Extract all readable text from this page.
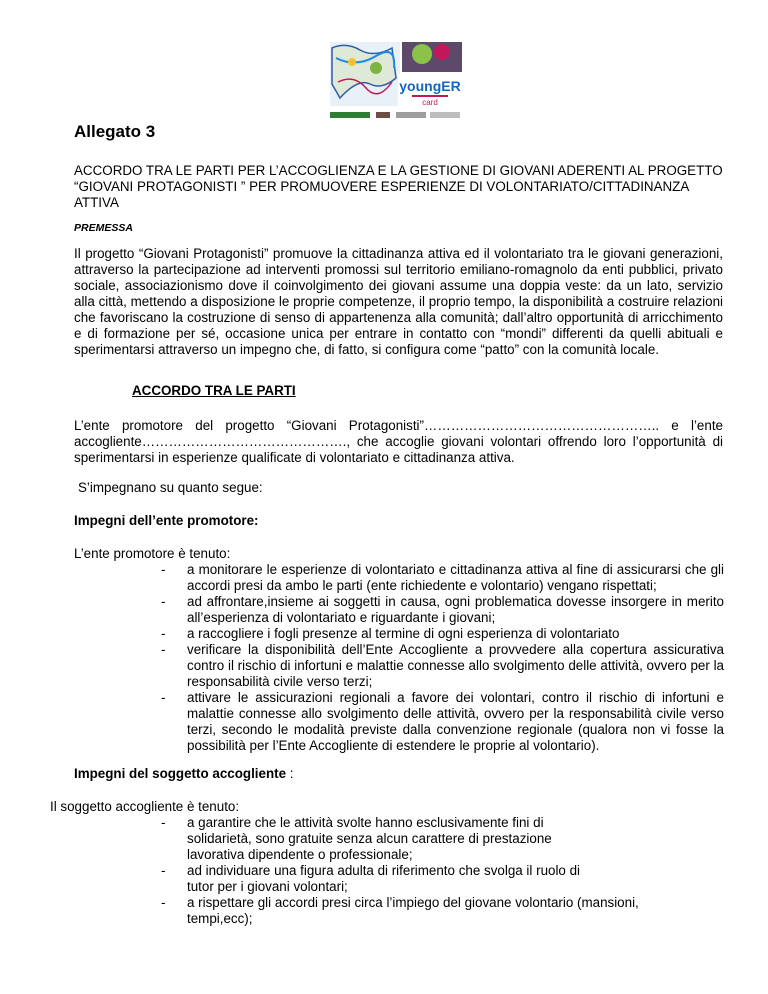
youngER
card
Allegato 3
ACCORDO TRA LE PARTI PER L’ACCOGLIENZA E LA GESTIONE DI GIOVANI ADERENTI AL PROGETTO “GIOVANI PROTAGONISTI ” PER PROMUOVERE ESPERIENZE DI VOLONTARIATO/CITTADINANZA ATTIVA
PREMESSA
Il progetto “Giovani Protagonisti” promuove la cittadinanza attiva ed il volontariato tra le giovani generazioni, attraverso la partecipazione ad interventi promossi sul territorio emiliano-romagnolo da enti pubblici, privato sociale, associazionismo dove il coinvolgimento dei giovani assume una doppia veste: da un lato, servizio alla città, mettendo a disposizione le proprie competenze, il proprio tempo, la disponibilità a costruire relazioni che favoriscano la costruzione di senso di appartenenza alla comunità; dall’altro opportunità di arricchimento e di formazione per sé, occasione unica per entrare in contatto con “mondi” differenti da quelli abituali e sperimentarsi attraverso un impegno che, di fatto, si configura come “patto” con la comunità locale.
ACCORDO TRA LE PARTI
L’ente promotore del progetto “Giovani Protagonisti”…………………………………………….. e l’ente accogliente………………………………………., che accoglie giovani volontari offrendo loro l’opportunità di sperimentarsi in esperienze qualificate di volontariato e cittadinanza attiva.
S’impegnano su quanto segue:
Impegni dell’ente promotore:
L’ente promotore è tenuto:
- a monitorare le esperienze di volontariato e cittadinanza attiva al fine di assicurarsi che gli accordi presi da ambo le parti (ente richiedente e volontario) vengano rispettati;
- ad affrontare,insieme ai soggetti in causa, ogni problematica dovesse insorgere in merito all’esperienza di volontariato e riguardante i giovani;
- a raccogliere i fogli presenze al termine di ogni esperienza di volontariato
- verificare la disponibilità dell’Ente Accogliente a provvedere alla copertura assicurativa contro il rischio di infortuni e malattie connesse allo svolgimento delle attività, ovvero per la responsabilità civile verso terzi;
- attivare le assicurazioni regionali a favore dei volontari, contro il rischio di infortuni e malattie connesse allo svolgimento delle attività, ovvero per la responsabilità civile verso terzi, secondo le modalità previste dalla convenzione regionale (qualora non vi fosse la possibilità per l’Ente Accogliente di estendere le proprie al volontario).
Impegni del soggetto accogliente :
Il soggetto accogliente è tenuto:
- a garantire che le attività svolte hanno esclusivamente fini di
solidarietà, sono gratuite senza alcun carattere di prestazione
lavorativa dipendente o professionale;
- ad individuare una figura adulta di riferimento che svolga il ruolo di
tutor per i giovani volontari;
- a rispettare gli accordi presi circa l’impiego del giovane volontario (mansioni,
tempi,ecc);
